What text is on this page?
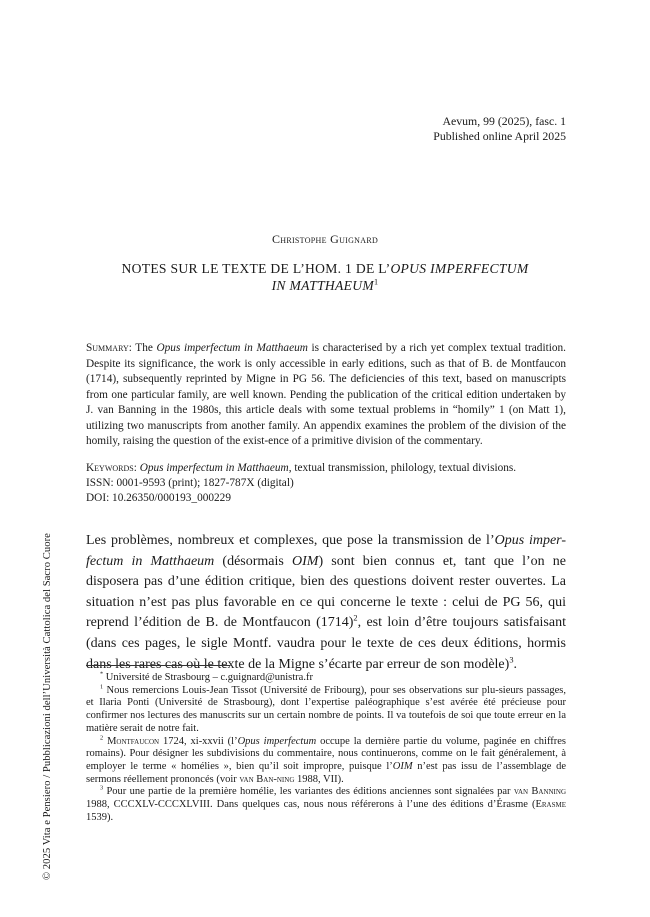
© 2025 Vita e Pensiero / Pubblicazioni dell’Università Cattolica del Sacro Cuore
Aevum, 99 (2025), fasc. 1
Published online April 2025
Christophe Guignard
NOTES SUR LE TEXTE DE L’HOM. 1 DE L’OPUS IMPERFECTUM
IN MATTHAEUM$^1$
Summary: The Opus imperfectum in Matthaeum is characterised by a rich yet complex textual tradition. Despite its significance, the work is only accessible in early editions, such as that of B. de Montfaucon (1714), subsequently reprinted by Migne in PG 56. The deficiencies of this text, based on manuscripts from one particular family, are well known. Pending the publication of the critical edition undertaken by J. van Banning in the 1980s, this article deals with some textual problems in “homily” 1 (on Matt 1), utilizing two manuscripts from another family. An appendix examines the problem of the division of the homily, raising the question of the exist-ence of a primitive division of the commentary.
Keywords: Opus imperfectum in Matthaeum, textual transmission, philology, textual divisions.
ISSN: 0001-9593 (print); 1827-787X (digital)
DOI: 10.26350/000193_000229
Les problèmes, nombreux et complexes, que pose la transmission de l’Opus imper-fectum in Matthaeum (désormais OIM) sont bien connus et, tant que l’on ne disposera pas d’une édition critique, bien des questions doivent rester ouvertes. La situation n’est pas plus favorable en ce qui concerne le texte : celui de PG 56, qui reprend l’édition de B. de Montfaucon $(1714)^2$, est loin d’être toujours satisfaisant (dans ces pages, le sigle Montf. vaudra pour le texte de ces deux éditions, hormis dans les rares cas où le texte de la Migne s’écarte par erreur de son modèle)$^3$.

* Université de Strasbourg – c.guignard@unistra.fr

$^1$ Nous remercions Louis-Jean Tissot (Université de Fribourg), pour ses observations sur plu-sieurs passages, et Ilaria Ponti (Université de Strasbourg), dont l’expertise paléographique s’est avérée été précieuse pour confirmer nos lectures des manuscrits sur un certain nombre de points. Il va toutefois de soi que toute erreur en la matière serait de notre fait.

$^2$ Montfaucon 1724, xi-xxvii (l’Opus imperfectum occupe la dernière partie du volume, paginée en chiffres romains). Pour désigner les subdivisions du commentaire, nous continuerons, comme on le fait généralement, à employer le terme « homélies », bien qu’il soit impropre, puisque l’OIM n’est pas issu de l’assemblage de sermons réellement prononcés (voir van Ban-ning 1988, VII).

$^3$ Pour une partie de la première homélie, les variantes des éditions anciennes sont signalées par van Banning 1988, CCCXLV-CCCXLVIII. Dans quelques cas, nous nous référerons à l’une des éditions d’Érasme (Erasme 1539).
